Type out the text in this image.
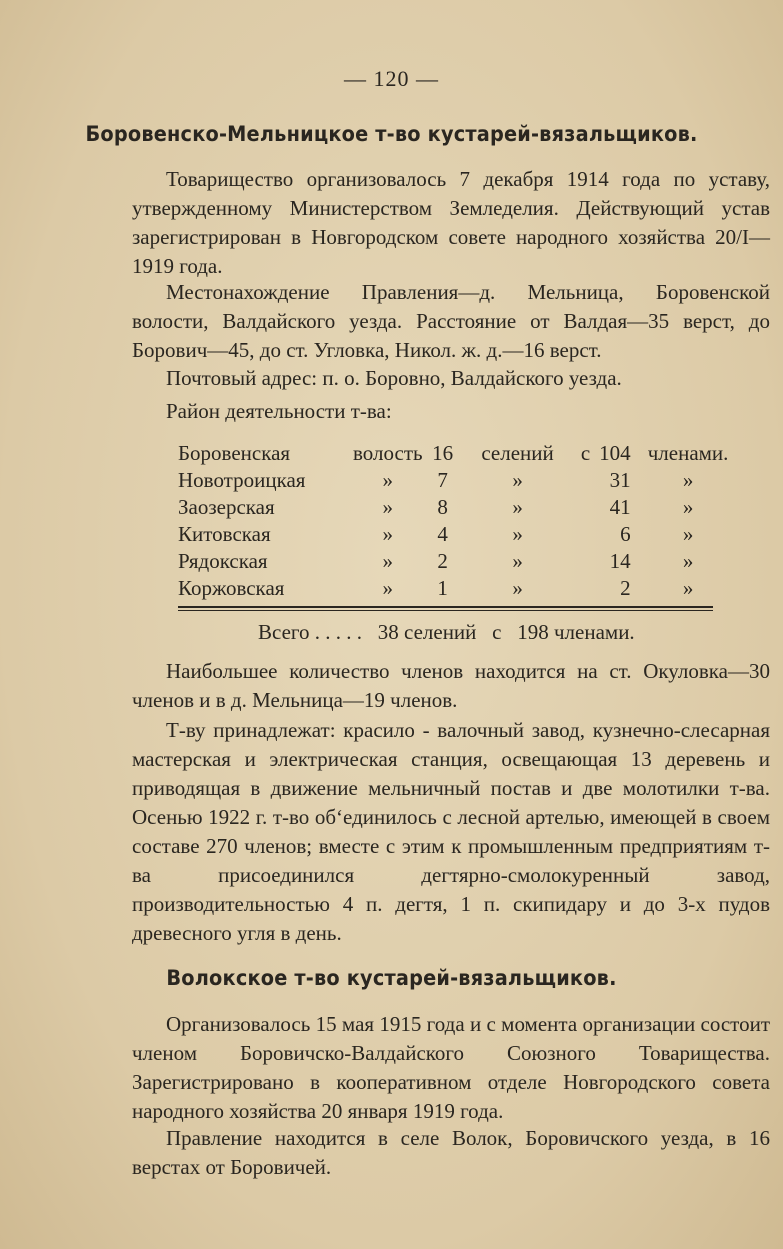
— 120 —
Боровенско-Мельницкое т-во кустарей-вязальщиков.

Товарищество организовалось 7 декабря 1914 года по уставу, утвержденному Министерством Земледелия. Действующий устав зарегистрирован в Новгородском совете народного хозяйства 20/I—1919 года.

Местонахождение Правления—д. Мельница, Боровенской волости, Валдайского уезда. Расстояние от Валдая—35 верст, до Борович—45, до ст. Угловка, Никол. ж. д.—16 верст.

Почтовый адрес: п. о. Боровно, Валдайского уезда.

Район деятельности т-ва:

Боровенская	волость	16	селений	с	104	членами.
Новотроицкая	»	7	»		31	»
Заозерская	»	8	»		41	»
Китовская	»	4	»		6	»
Рядокская	»	2	»		14	»
Коржовская	»	1	»		2	»
Всего . . . . .   38 селений   с   198 членами.

Наибольшее количество членов находится на ст. Окуловка—30 членов и в д. Мельница—19 членов.

Т-ву принадлежат: красило - валочный завод, кузнечно-слесарная мастерская и электрическая станция, освещающая 13 деревень и приводящая в движение мельничный постав и две молотилки т-ва. Осенью 1922 г. т-во об‘единилось с лесной артелью, имеющей в своем составе 270 членов; вместе с этим к промышленным предприятиям т-ва присоединился дегтярно-смолокуренный завод, производительностью 4 п. дегтя, 1 п. скипидару и до 3-х пудов древесного угля в день.

Волокское т-во кустарей-вязальщиков.

Организовалось 15 мая 1915 года и с момента организации состоит членом Боровичско-Валдайского Союзного Товарищества. Зарегистрировано в кооперативном отделе Новгородского совета народного хозяйства 20 января 1919 года.

Правление находится в селе Волок, Боровичского уезда, в 16 верстах от Боровичей.
